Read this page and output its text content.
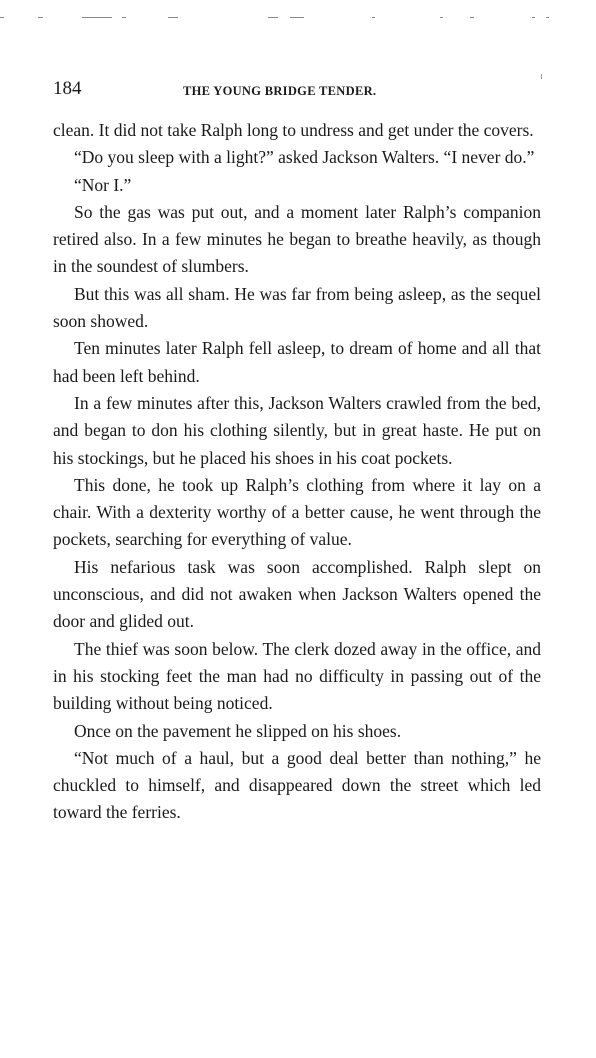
184	THE YOUNG BRIDGE TENDER.

clean. It did not take Ralph long to undress and get under the covers.

“Do you sleep with a light?” asked Jackson Walters. “I never do.”

“Nor I.”

So the gas was put out, and a moment later Ralph’s companion retired also. In a few minutes he began to breathe heavily, as though in the soundest of slumbers.

But this was all sham. He was far from being asleep, as the sequel soon showed.

Ten minutes later Ralph fell asleep, to dream of home and all that had been left behind.

In a few minutes after this, Jackson Walters crawled from the bed, and began to don his clothing silently, but in great haste. He put on his stockings, but he placed his shoes in his coat pockets.

This done, he took up Ralph’s clothing from where it lay on a chair. With a dexterity worthy of a better cause, he went through the pockets, searching for everything of value.

His nefarious task was soon accomplished. Ralph slept on unconscious, and did not awaken when Jackson Walters opened the door and glided out.

The thief was soon below. The clerk dozed away in the office, and in his stocking feet the man had no difficulty in passing out of the building without being noticed.

Once on the pavement he slipped on his shoes.

“Not much of a haul, but a good deal better than nothing,” he chuckled to himself, and disappeared down the street which led toward the ferries.
